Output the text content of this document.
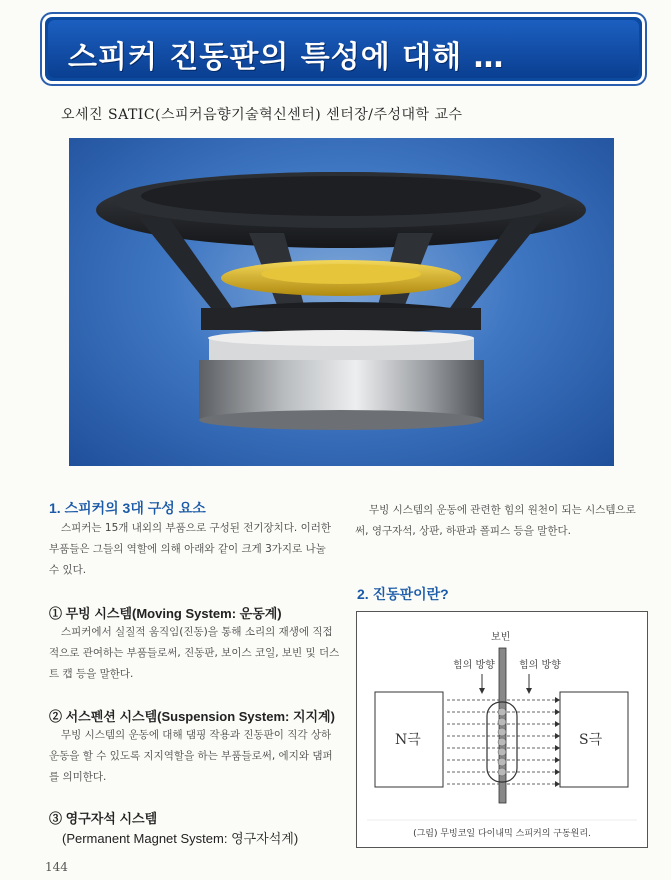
스피커 진동판의 특성에 대해 …
오세진 SATIC(스피커음향기술혁신센터) 센터장/주성대학 교수
1. 스피커의 3대 구성 요소
스피커는 15개 내외의 부품으로 구성된 전기장치다. 이러한
부품들은 그들의 역할에 의해 아래와 같이 크게 3가지로 나눌
수 있다.
① 무빙 시스템(Moving System: 운동계)
스피커에서 실질적 움직임(진동)을 통해 소리의 재생에 직접
적으로 관여하는 부품들로써, 진동판, 보이스 코일, 보빈 및 더스
트 캡 등을 말한다.
② 서스펜션 시스템(Suspension System: 지지계)
무빙 시스템의 운동에 대해 댐핑 작용과 진동판이 직각 상하
운동을 할 수 있도록 지지역할을 하는 부품들로써, 에지와 댐퍼
를 의미한다.
③ 영구자석 시스템
(Permanent Magnet System: 영구자석계)
무빙 시스템의 운동에 관련한 힘의 원천이 되는 시스템으로
써, 영구자석, 상판, 하판과 폴피스 등을 말한다.
2. 진동판이란?
보빈
힘의 방향 힘의 방향
N극	S극
(그림) 무빙코일 다이내믹 스피커의 구동원리.
144
